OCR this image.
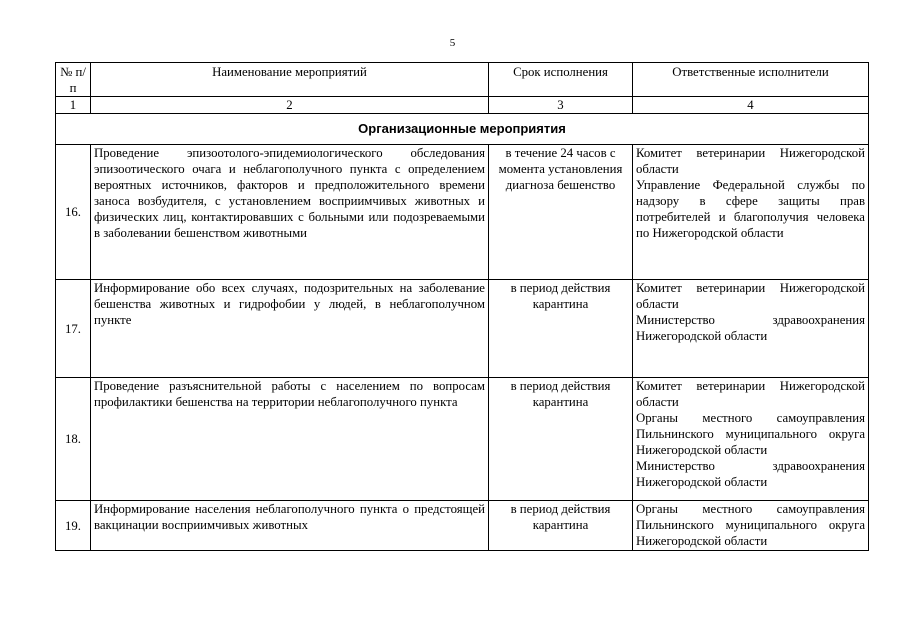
5
№ п/п	Наименование мероприятий	Срок исполнения	Ответственные исполнители
1	2	3	4
Организационные мероприятия			
16.	Проведение эпизоотолого-эпидемиологического обследования эпизоотического очага и неблагополучного пункта с определением вероятных источников, факторов и предположительного времени заноса возбудителя, с установлением восприимчивых животных и физических лиц, контактировавших с больными или подозреваемыми в заболевании бешенством животными	в течение 24 часов с момента установления диагноза бешенство	Комитет ветеринарии Нижегородской области
Управление Федеральной службы по надзору в сфере защиты прав потребителей и благополучия человека по Нижегородской области

17.	Информирование обо всех случаях, подозрительных на заболевание бешенства животных и гидрофобии у людей, в неблагополучном пункте	в период действия карантина	Комитет ветеринарии Нижегородской области
Министерство здравоохранения Нижегородской области

18.	Проведение разъяснительной работы с населением по вопросам профилактики бешенства на территории неблагополучного пункта	в период действия карантина	Комитет ветеринарии Нижегородской области
Органы местного самоуправления Пильнинского муниципального округа Нижегородской области
Министерство здравоохранения Нижегородской области

19.	Информирование населения неблагополучного пункта о предстоящей вакцинации восприимчивых животных	в период действия карантина	Органы местного самоуправления Пильнинского муниципального округа Нижегородской области
